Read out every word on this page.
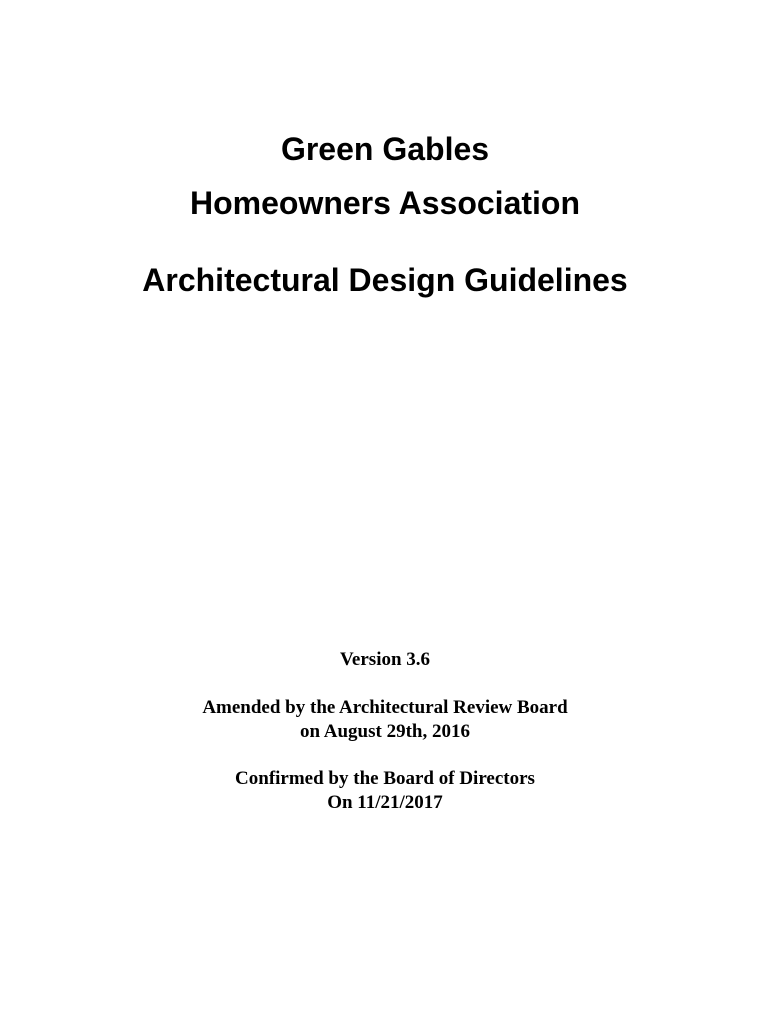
Green Gables
Homeowners Association
Architectural Design Guidelines
Version 3.6
Amended by the Architectural Review Board
on August 29th, 2016
Confirmed by the Board of Directors
On 11/21/2017
